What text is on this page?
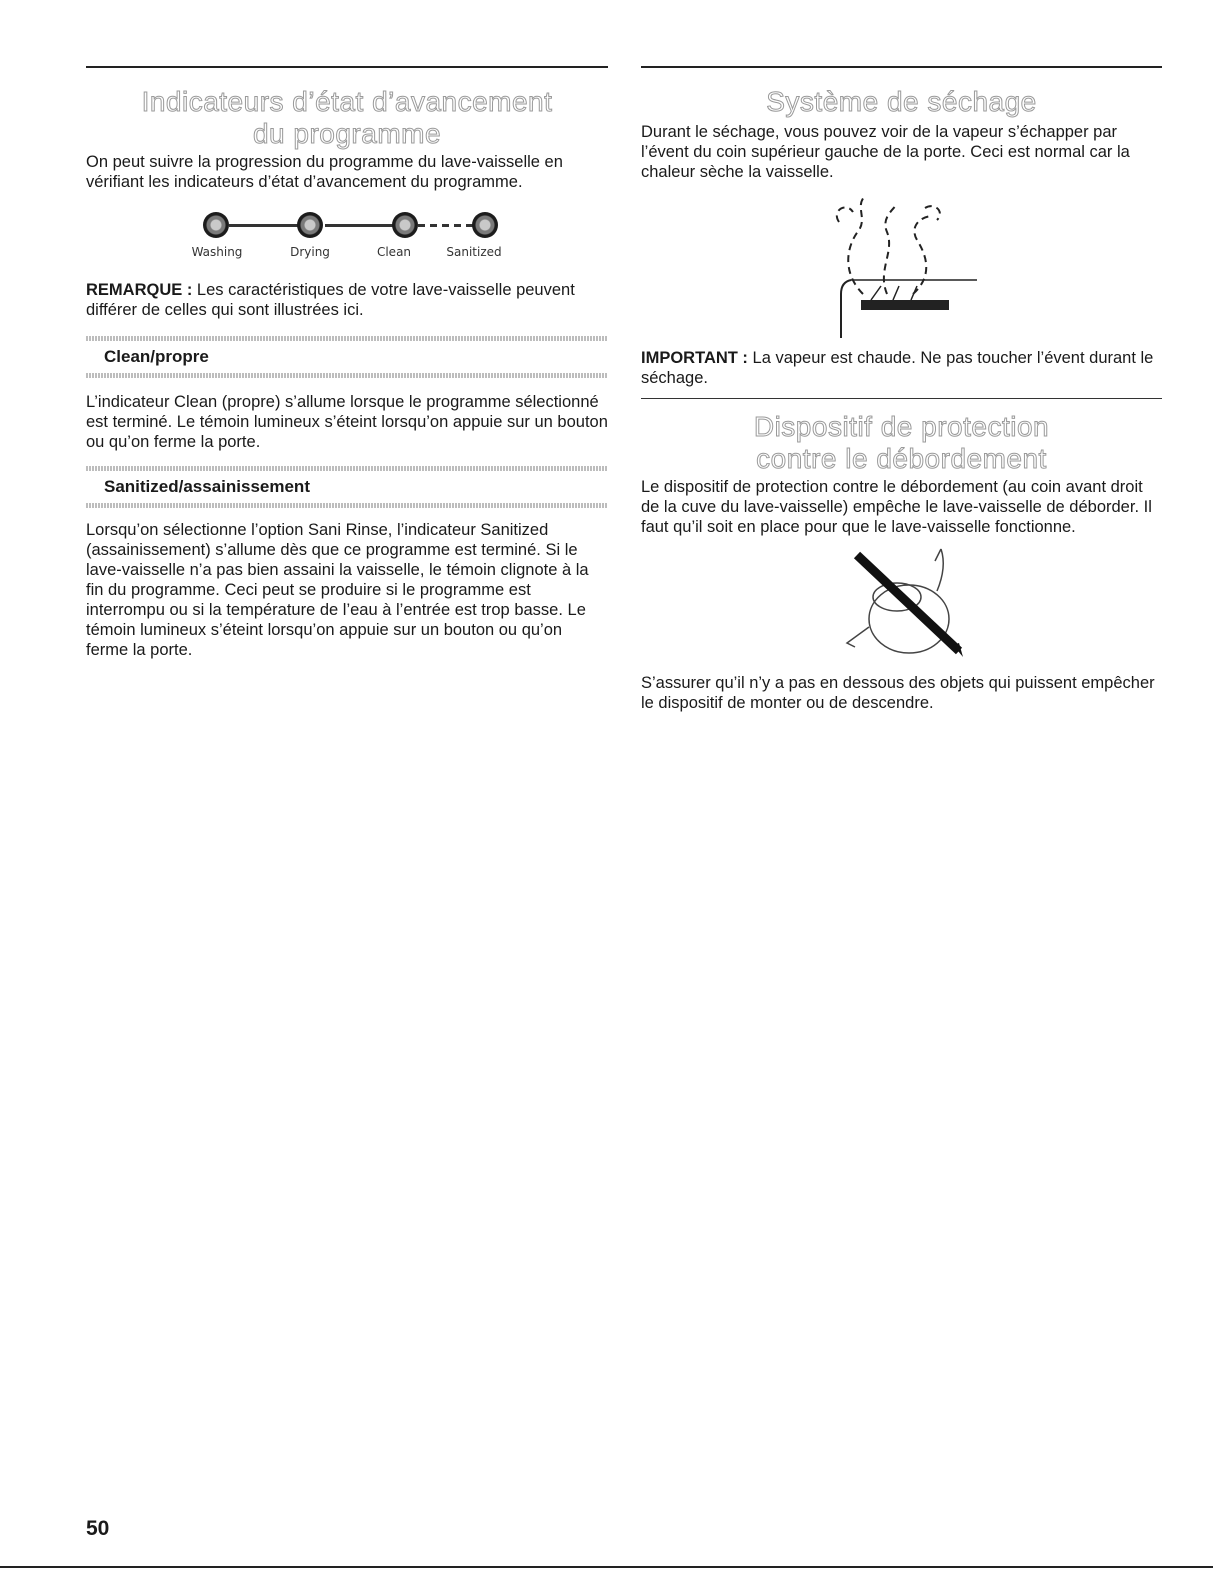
Indicateurs d’état d’avancement
du programme

On peut suivre la progression du programme du lave-vaisselle en vérifiant les indicateurs d’état d’avancement du programme.

Washing	Drying	Clean	Sanitized

REMARQUE : Les caractéristiques de votre lave-vaisselle peuvent différer de celles qui sont illustrées ici.

Clean/propre

L’indicateur Clean (propre) s’allume lorsque le programme sélectionné est terminé. Le témoin lumineux s’éteint lorsqu’on appuie sur un bouton ou qu’on ferme la porte.

Sanitized/assainissement

Lorsqu’on sélectionne l’option Sani Rinse, l’indicateur Sanitized (assainissement) s’allume dès que ce programme est terminé. Si le lave-vaisselle n’a pas bien assaini la vaisselle, le témoin clignote à la fin du programme. Ceci peut se produire si le programme est interrompu ou si la température de l’eau à l’entrée est trop basse. Le témoin lumineux s’éteint lorsqu’on appuie sur un bouton ou qu’on ferme la porte.

Système de séchage

Durant le séchage, vous pouvez voir de la vapeur s’échapper par l’évent du coin supérieur gauche de la porte. Ceci est normal car la chaleur sèche la vaisselle.

IMPORTANT : La vapeur est chaude. Ne pas toucher l’évent durant le séchage.

Dispositif de protection
contre le débordement

Le dispositif de protection contre le débordement (au coin avant droit de la cuve du lave-vaisselle) empêche le lave-vaisselle de déborder. Il faut qu’il soit en place pour que le lave-vaisselle fonctionne.

S’assurer qu’il n’y a pas en dessous des objets qui puissent empêcher le dispositif de monter ou de descendre.

50
